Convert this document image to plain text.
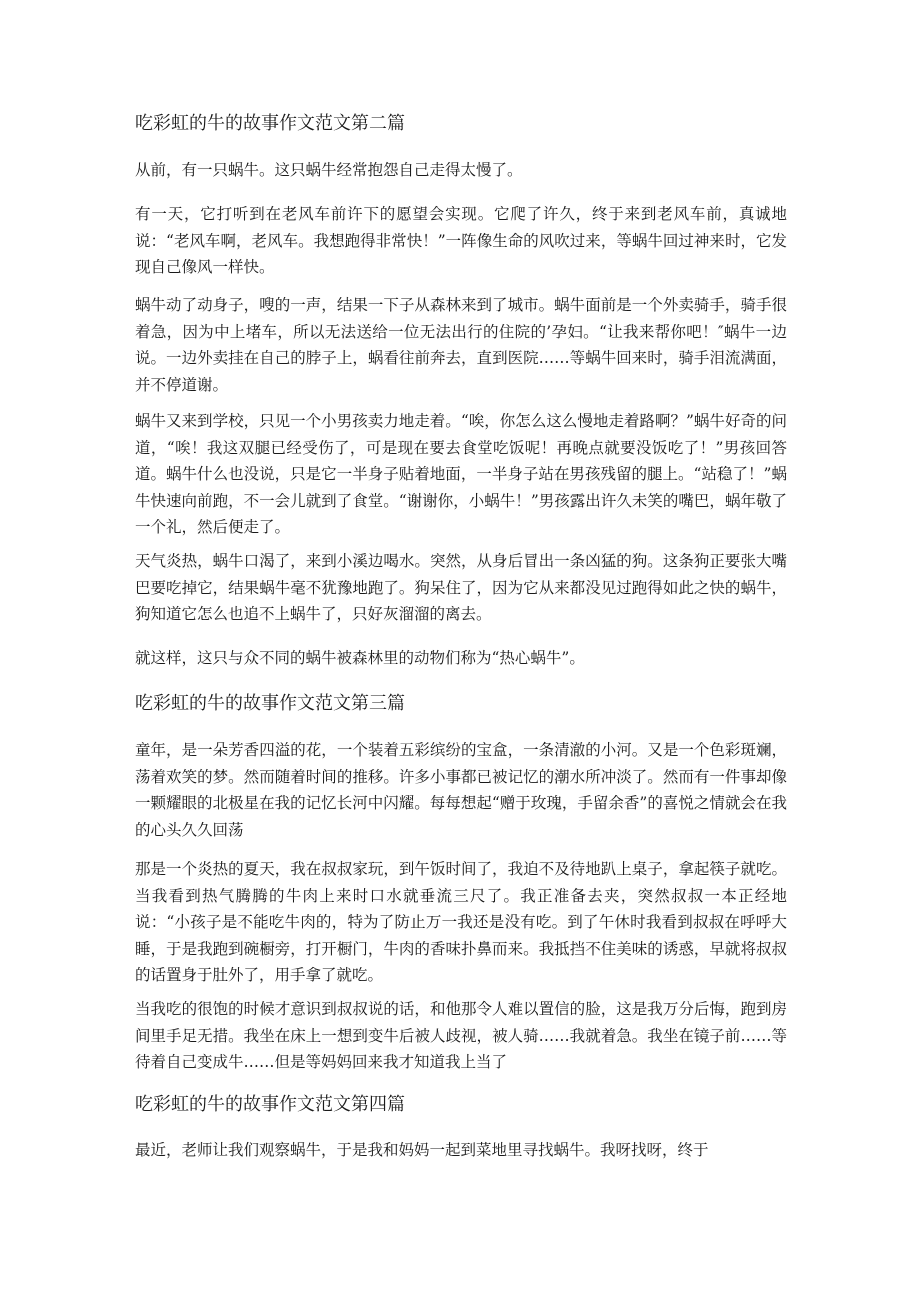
吃彩虹的牛的故事作文范文第二篇

从前，有一只蜗牛。这只蜗牛经常抱怨自己走得太慢了。

有一天，它打听到在老风车前许下的愿望会实现。它爬了许久，终于来到老风车前，真诚地说：“老风车啊，老风车。我想跑得非常快！”一阵像生命的风吹过来，等蜗牛回过神来时，它发现自己像风一样快。

蜗牛动了动身子，嗖的一声，结果一下子从森林来到了城市。蜗牛面前是一个外卖骑手，骑手很着急，因为中上堵车，所以无法送给一位无法出行的住院的’孕妇。“让我来帮你吧！″蜗牛一边说。一边外卖挂在自己的脖子上，蜗看往前奔去，直到医院……等蜗牛回来时，骑手泪流满面，并不停道谢。

蜗牛又来到学校，只见一个小男孩卖力地走着。“唉，你怎么这么慢地走着路啊？”蜗牛好奇的问道，“唉！我这双腿已经受伤了，可是现在要去食堂吃饭呢！再晚点就要没饭吃了！”男孩回答道。蜗牛什么也没说，只是它一半身子贴着地面，一半身子站在男孩残留的腿上。“站稳了！”蜗牛快速向前跑，不一会儿就到了食堂。“谢谢你，小蜗牛！”男孩露出许久未笑的嘴巴，蜗年敬了一个礼，然后便走了。

天气炎热，蜗牛口渴了，来到小溪边喝水。突然，从身后冒出一条凶猛的狗。这条狗正要张大嘴巴要吃掉它，结果蜗牛毫不犹豫地跑了。狗呆住了，因为它从来都没见过跑得如此之快的蜗牛，狗知道它怎么也追不上蜗牛了，只好灰溜溜的离去。

就这样，这只与众不同的蜗牛被森林里的动物们称为“热心蜗牛”。

吃彩虹的牛的故事作文范文第三篇

童年，是一朵芳香四溢的花，一个装着五彩缤纷的宝盒，一条清澈的小河。又是一个色彩斑斓，荡着欢笑的梦。然而随着时间的推移。许多小事都已被记忆的潮水所冲淡了。然而有一件事却像一颗耀眼的北极星在我的记忆长河中闪耀。每每想起“赠于玫瑰，手留余香”的喜悦之情就会在我的心头久久回荡

那是一个炎热的夏天，我在叔叔家玩，到午饭时间了，我迫不及待地趴上桌子，拿起筷子就吃。当我看到热气腾腾的牛肉上来时口水就垂流三尺了。我正准备去夹，突然叔叔一本正经地说：“小孩子是不能吃牛肉的，特为了防止万一我还是没有吃。到了午休时我看到叔叔在呼呼大睡，于是我跑到碗橱旁，打开橱门，牛肉的香味扑鼻而来。我抵挡不住美味的诱惑，早就将叔叔的话置身于肚外了，用手拿了就吃。

当我吃的很饱的时候才意识到叔叔说的话，和他那令人难以置信的脸，这是我万分后悔，跑到房间里手足无措。我坐在床上一想到变牛后被人歧视，被人骑……我就着急。我坐在镜子前……等待着自己变成牛……但是等妈妈回来我才知道我上当了

吃彩虹的牛的故事作文范文第四篇

最近，老师让我们观察蜗牛，于是我和妈妈一起到菜地里寻找蜗牛。我呀找呀，终于
